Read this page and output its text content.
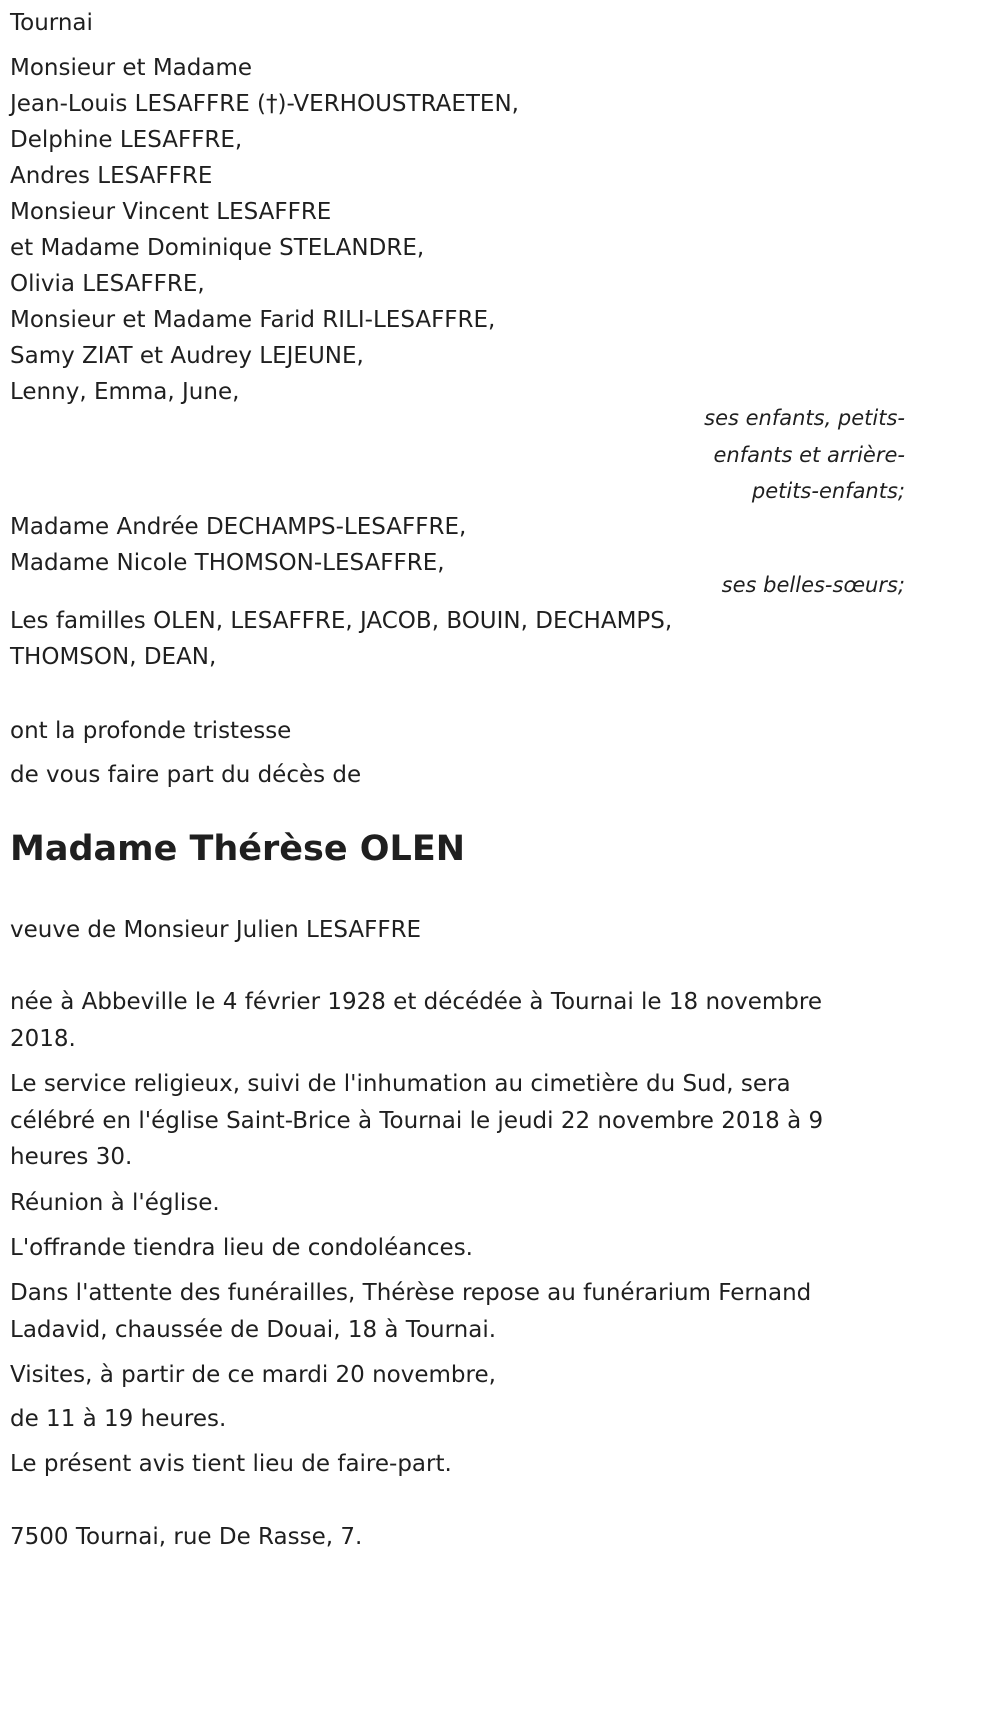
Tournai
Monsieur et Madame
Jean-Louis LESAFFRE (†)-VERHOUSTRAETEN,
Delphine LESAFFRE,
Andres LESAFFRE
Monsieur Vincent LESAFFRE
et Madame Dominique STELANDRE,
Olivia LESAFFRE,
Monsieur et Madame Farid RILI-LESAFFRE,
Samy ZIAT et Audrey LEJEUNE,
Lenny, Emma, June,
ses enfants, petits-
enfants et arrière-
petits-enfants;
Madame Andrée DECHAMPS-LESAFFRE,
Madame Nicole THOMSON-LESAFFRE,
ses belles-sœurs;
Les familles OLEN, LESAFFRE, JACOB, BOUIN, DECHAMPS,
THOMSON, DEAN,
ont la profonde tristesse
de vous faire part du décès de
Madame Thérèse OLEN
veuve de Monsieur Julien LESAFFRE
née à Abbeville le 4 février 1928 et décédée à Tournai le 18 novembre 2018.
Le service religieux, suivi de l'inhumation au cimetière du Sud, sera célébré en l'église Saint-Brice à Tournai le jeudi 22 novembre 2018 à 9 heures 30.
Réunion à l'église.
L'offrande tiendra lieu de condoléances.
Dans l'attente des funérailles, Thérèse repose au funérarium Fernand Ladavid, chaussée de Douai, 18 à Tournai.
Visites, à partir de ce mardi 20 novembre,
de 11 à 19 heures.
Le présent avis tient lieu de faire-part.
7500 Tournai, rue De Rasse, 7.
